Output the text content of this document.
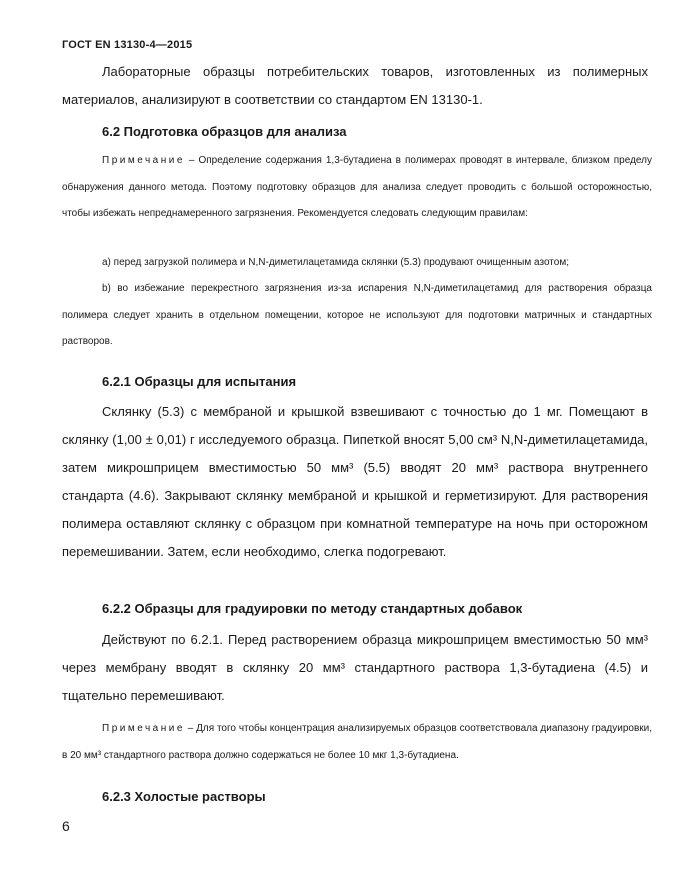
ГОСТ EN 13130-4—2015

Лабораторные образцы потребительских товаров, изготовленных из полимерных материалов, анализируют в соответствии со стандартом EN 13130-1.

6.2 Подготовка образцов для анализа

Примечание – Определение содержания 1,3-бутадиена в полимерах проводят в интервале, близком пределу обнаружения данного метода. Поэтому подготовку образцов для анализа следует проводить с большой осторожностью, чтобы избежать непреднамеренного загрязнения. Рекомендуется следовать следующим правилам:

а) перед загрузкой полимера и N,N-диметилацетамида склянки (5.3) продувают очищенным азотом;

b) во избежание перекрестного загрязнения из-за испарения N,N-диметилацетамид для растворения образца полимера следует хранить в отдельном помещении, которое не используют для подготовки матричных и стандартных растворов.

6.2.1 Образцы для испытания

Склянку (5.3) с мембраной и крышкой взвешивают с точностью до 1 мг. Помещают в склянку (1,00 ± 0,01) г исследуемого образца. Пипеткой вносят 5,00 см³ N,N-диметилацетамида, затем микрошприцем вместимостью 50 мм³ (5.5) вводят 20 мм³ раствора внутреннего стандарта (4.6). Закрывают склянку мембраной и крышкой и герметизируют. Для растворения полимера оставляют склянку с образцом при комнатной температуре на ночь при осторожном перемешивании. Затем, если необходимо, слегка подогревают.

6.2.2 Образцы для градуировки по методу стандартных добавок

Действуют по 6.2.1. Перед растворением образца микрошприцем вместимостью 50 мм³ через мембрану вводят в склянку 20 мм³ стандартного раствора 1,3-бутадиена (4.5) и тщательно перемешивают.

Примечание – Для того чтобы концентрация анализируемых образцов соответствовала диапазону градуировки, в 20 мм³ стандартного раствора должно содержаться не более 10 мкг 1,3-бутадиена.

6.2.3 Холостые растворы

6
